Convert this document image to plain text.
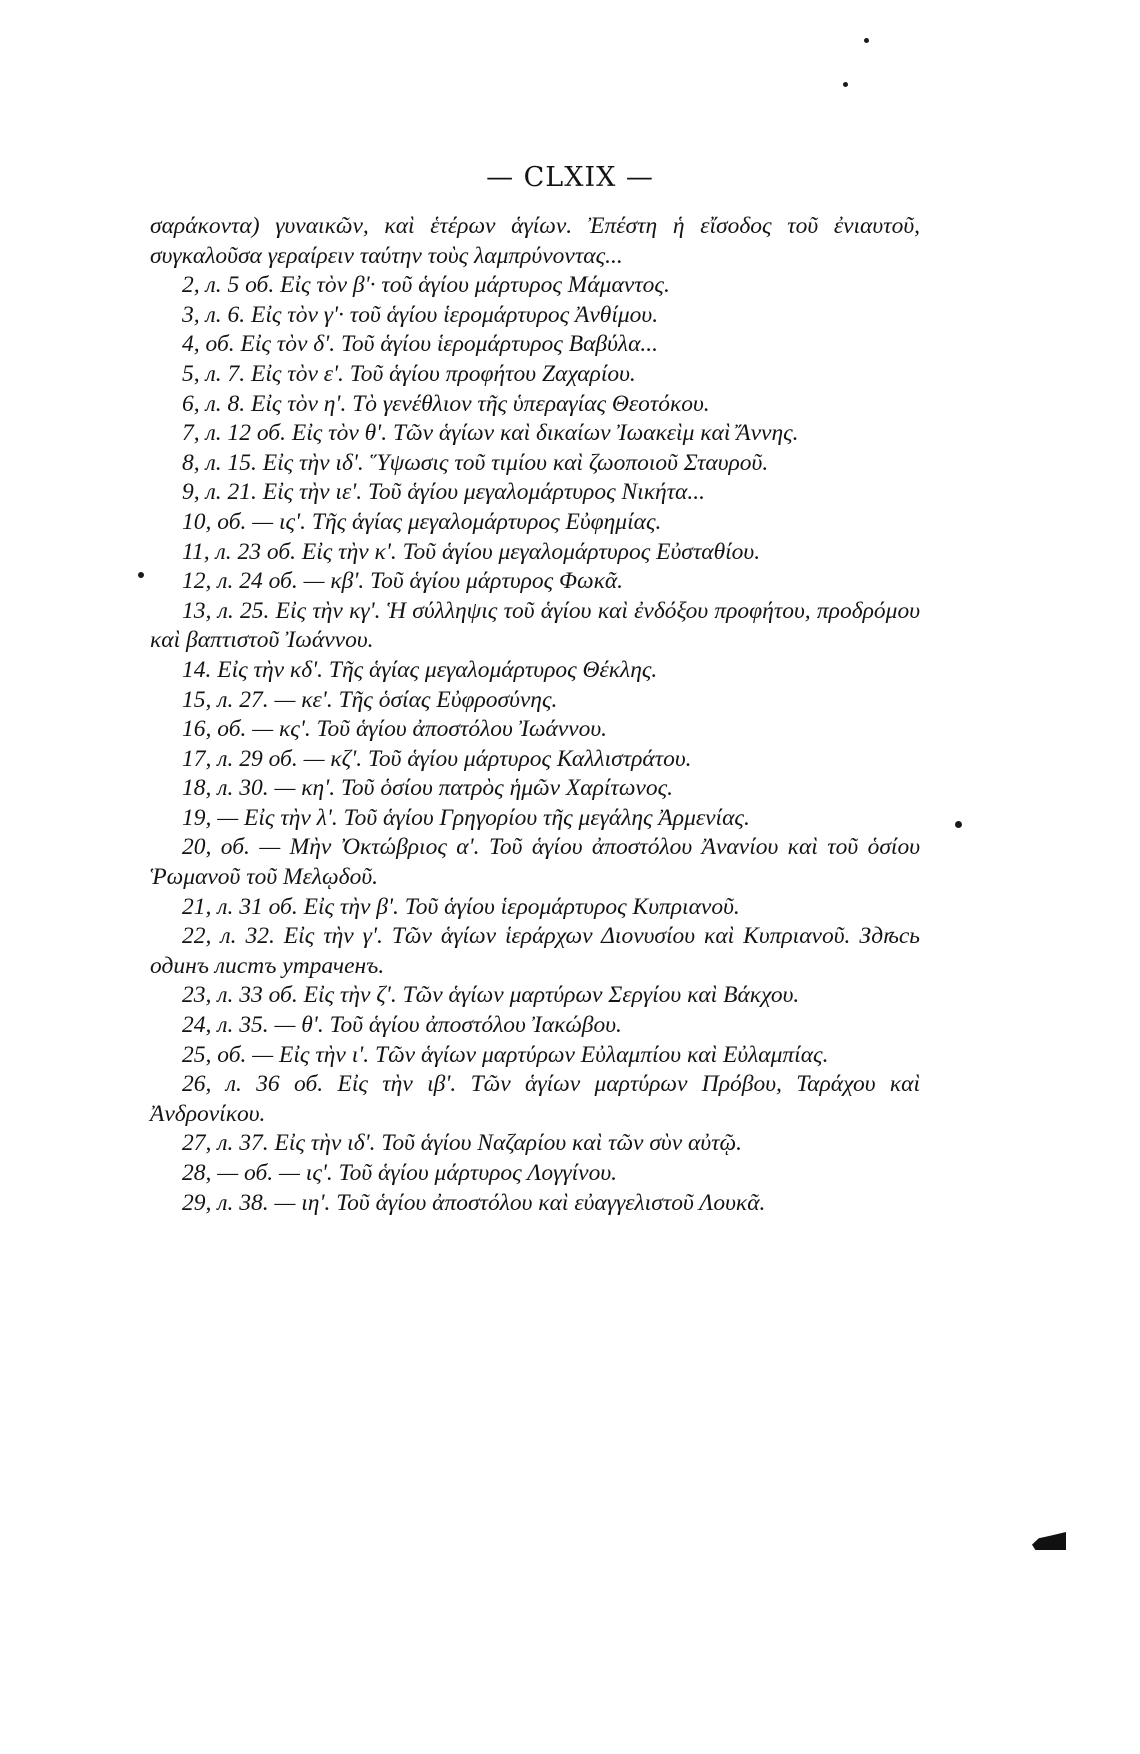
— CLXIX —

σαράκοντα) γυναικῶν, καὶ ἑτέρων ἁγίων. Ἐπέστη ἡ εἴσοδος τοῦ ἐνιαυτοῦ, συγκαλοῦσα γεραίρειν ταύτην τοὺς λαμπρύνοντας...

2, л. 5 об. Εἰς τὸν β'· τοῦ ἁγίου μάρτυρος Μάμαντος.

3, л. 6. Εἰς τὸν γ'· τοῦ ἁγίου ἱερομάρτυρος Ἀνθίμου.

4, об. Εἰς τὸν δ'. Τοῦ ἁγίου ἱερομάρτυρος Βαβύλα...

5, л. 7. Εἰς τὸν ε'. Τοῦ ἁγίου προφήτου Ζαχαρίου.

6, л. 8. Εἰς τὸν η'. Τὸ γενέθλιον τῆς ὑπεραγίας Θεοτόκου.

7, л. 12 об. Εἰς τὸν θ'. Τῶν ἁγίων καὶ δικαίων Ἰωακεὶμ καὶ Ἄννης.

8, л. 15. Εἰς τὴν ιδ'. Ὕψωσις τοῦ τιμίου καὶ ζωοποιοῦ Σταυροῦ.

9, л. 21. Εἰς τὴν ιε'. Τοῦ ἁγίου μεγαλομάρτυρος Νικήτα...

10, об. — ις'. Τῆς ἁγίας μεγαλομάρτυρος Εὐφημίας.

11, л. 23 об. Εἰς τὴν κ'. Τοῦ ἁγίου μεγαλομάρτυρος Εὐσταθίου.

12, л. 24 об. — κβ'. Τοῦ ἁγίου μάρτυρος Φωκᾶ.

13, л. 25. Εἰς τὴν κγ'. Ἡ σύλληψις τοῦ ἁγίου καὶ ἐνδόξου προφήτου, προδρόμου καὶ βαπτιστοῦ Ἰωάννου.

14. Εἰς τὴν κδ'. Τῆς ἁγίας μεγαλομάρτυρος Θέκλης.

15, л. 27. — κε'. Τῆς ὁσίας Εὐφροσύνης.

16, об. — κς'. Τοῦ ἁγίου ἀποστόλου Ἰωάννου.

17, л. 29 об. — κζ'. Τοῦ ἁγίου μάρτυρος Καλλιστράτου.

18, л. 30. — κη'. Τοῦ ὁσίου πατρὸς ἡμῶν Χαρίτωνος.

19, — Εἰς τὴν λ'. Τοῦ ἁγίου Γρηγορίου τῆς μεγάλης Ἀρμενίας.

20, об. — Μὴν Ὀκτώβριος α'. Τοῦ ἁγίου ἀποστόλου Ἀνανίου καὶ τοῦ ὁσίου Ῥωμανοῦ τοῦ Μελῳδοῦ.

21, л. 31 об. Εἰς τὴν β'. Τοῦ ἁγίου ἱερομάρτυρος Κυπριανοῦ.

22, л. 32. Εἰς τὴν γ'. Τῶν ἁγίων ἱεράρχων Διονυσίου καὶ Κυπριανοῦ. Здѣсь одинъ листъ утраченъ.

23, л. 33 об. Εἰς τὴν ζ'. Τῶν ἁγίων μαρτύρων Σεργίου καὶ Βάκχου.

24, л. 35. — θ'. Τοῦ ἁγίου ἀποστόλου Ἰακώβου.

25, об. — Εἰς τὴν ι'. Τῶν ἁγίων μαρτύρων Εὐλαμπίου καὶ Εὐλαμπίας.

26, л. 36 об. Εἰς τὴν ιβ'. Τῶν ἁγίων μαρτύρων Πρόβου, Ταράχου καὶ Ἀνδρονίκου.

27, л. 37. Εἰς τὴν ιδ'. Τοῦ ἁγίου Ναζαρίου καὶ τῶν σὺν αὐτῷ.

28, — об. — ις'. Τοῦ ἁγίου μάρτυρος Λογγίνου.

29, л. 38. — ιη'. Τοῦ ἁγίου ἀποστόλου καὶ εὐαγγελιστοῦ Λουκᾶ.
